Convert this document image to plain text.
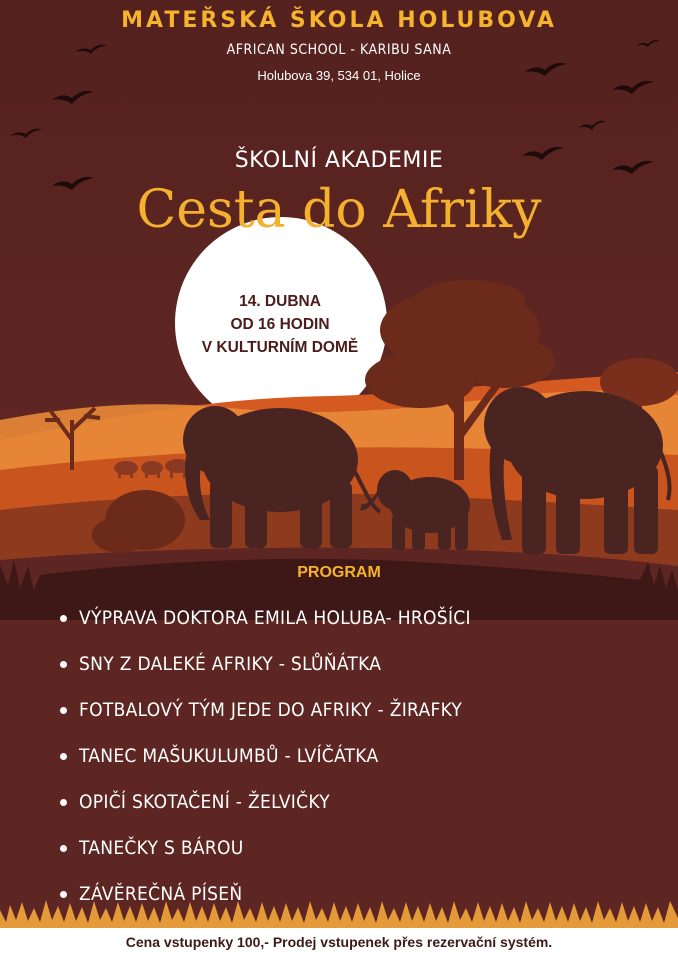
MATEŘSKÁ ŠKOLA HOLUBOVA
AFRICAN SCHOOL - KARIBU SANA
Holubova 39, 534 01, Holice
ŠKOLNÍ AKADEMIE
Cesta do Afriky
14. DUBNA
OD 16 HODIN
V KULTURNÍM DOMĚ
PROGRAM
VÝPRAVA DOKTORA EMILA HOLUBA- HROŠÍCI
SNY Z DALEKÉ AFRIKY - SLŮŇÁTKA
FOTBALOVÝ TÝM JEDE DO AFRIKY - ŽIRAFKY
TANEC MAŠUKULUMBŮ - LVÍČÁTKA
OPIČÍ SKOTAČENÍ - ŽELVIČKY
TANEČKY S BÁROU
ZÁVĚREČNÁ PÍSEŇ
Cena vstupenky 100,- Prodej vstupenek přes rezervační systém.
